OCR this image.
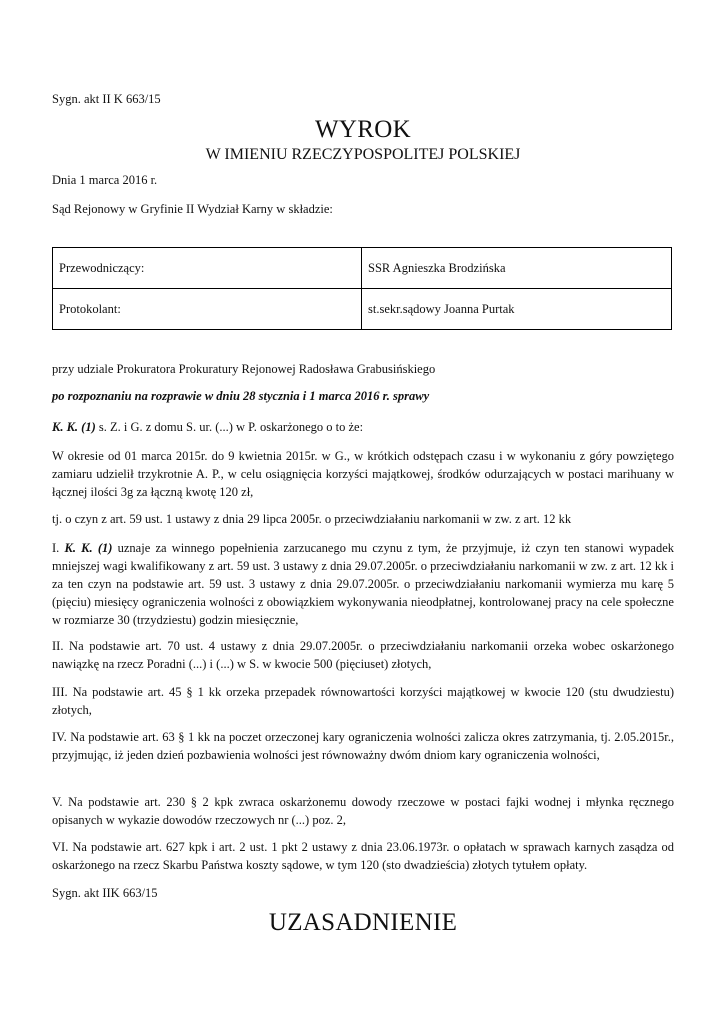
Sygn. akt II K 663/15

WYROK
W IMIENIU RZECZYPOSPOLITEJ POLSKIEJ

Dnia 1 marca 2016 r.

Sąd Rejonowy w Gryfinie II Wydział Karny w składzie:

Przewodniczący:	SSR Agnieszka Brodzińska
Protokolant:	st.sekr.sądowy Joanna Purtak

przy udziale Prokuratora Prokuratury Rejonowej Radosława Grabusińskiego

po rozpoznaniu na rozprawie w dniu 28 stycznia i 1 marca 2016 r. sprawy

K. K. (1) s. Z. i G. z domu S. ur. (...) w P. oskarżonego o to że:

W okresie od 01 marca 2015r. do 9 kwietnia 2015r. w G., w krótkich odstępach czasu i w wykonaniu z góry powziętego zamiaru udzielił trzykrotnie A. P., w celu osiągnięcia korzyści majątkowej, środków odurzających w postaci marihuany w łącznej ilości 3g za łączną kwotę 120 zł,

tj. o czyn z art. 59 ust. 1 ustawy z dnia 29 lipca 2005r. o przeciwdziałaniu narkomanii w zw. z art. 12 kk

I. K. K. (1) uznaje za winnego popełnienia zarzucanego mu czynu z tym, że przyjmuje, iż czyn ten stanowi wypadek mniejszej wagi kwalifikowany z art. 59 ust. 3 ustawy z dnia 29.07.2005r. o przeciwdziałaniu narkomanii w zw. z art. 12 kk i za ten czyn na podstawie art. 59 ust. 3 ustawy z dnia 29.07.2005r. o przeciwdziałaniu narkomanii wymierza mu karę 5 (pięciu) miesięcy ograniczenia wolności z obowiązkiem wykonywania nieodpłatnej, kontrolowanej pracy na cele społeczne w rozmiarze 30 (trzydziestu) godzin miesięcznie,

II. Na podstawie art. 70 ust. 4 ustawy z dnia 29.07.2005r. o przeciwdziałaniu narkomanii orzeka wobec oskarżonego nawiązkę na rzecz Poradni (...) i (...) w S. w kwocie 500 (pięciuset) złotych,

III. Na podstawie art. 45 § 1 kk orzeka przepadek równowartości korzyści majątkowej w kwocie 120 (stu dwudziestu) złotych,

IV. Na podstawie art. 63 § 1 kk na poczet orzeczonej kary ograniczenia wolności zalicza okres zatrzymania, tj. 2.05.2015r., przyjmując, iż jeden dzień pozbawienia wolności jest równoważny dwóm dniom kary ograniczenia wolności,

V. Na podstawie art. 230 § 2 kpk zwraca oskarżonemu dowody rzeczowe w postaci fajki wodnej i młynka ręcznego opisanych w wykazie dowodów rzeczowych nr (...) poz. 2,

VI. Na podstawie art. 627 kpk i art. 2 ust. 1 pkt 2 ustawy z dnia 23.06.1973r. o opłatach w sprawach karnych zasądza od oskarżonego na rzecz Skarbu Państwa koszty sądowe, w tym 120 (sto dwadzieścia) złotych tytułem opłaty.

Sygn. akt IIK 663/15

UZASADNIENIE
